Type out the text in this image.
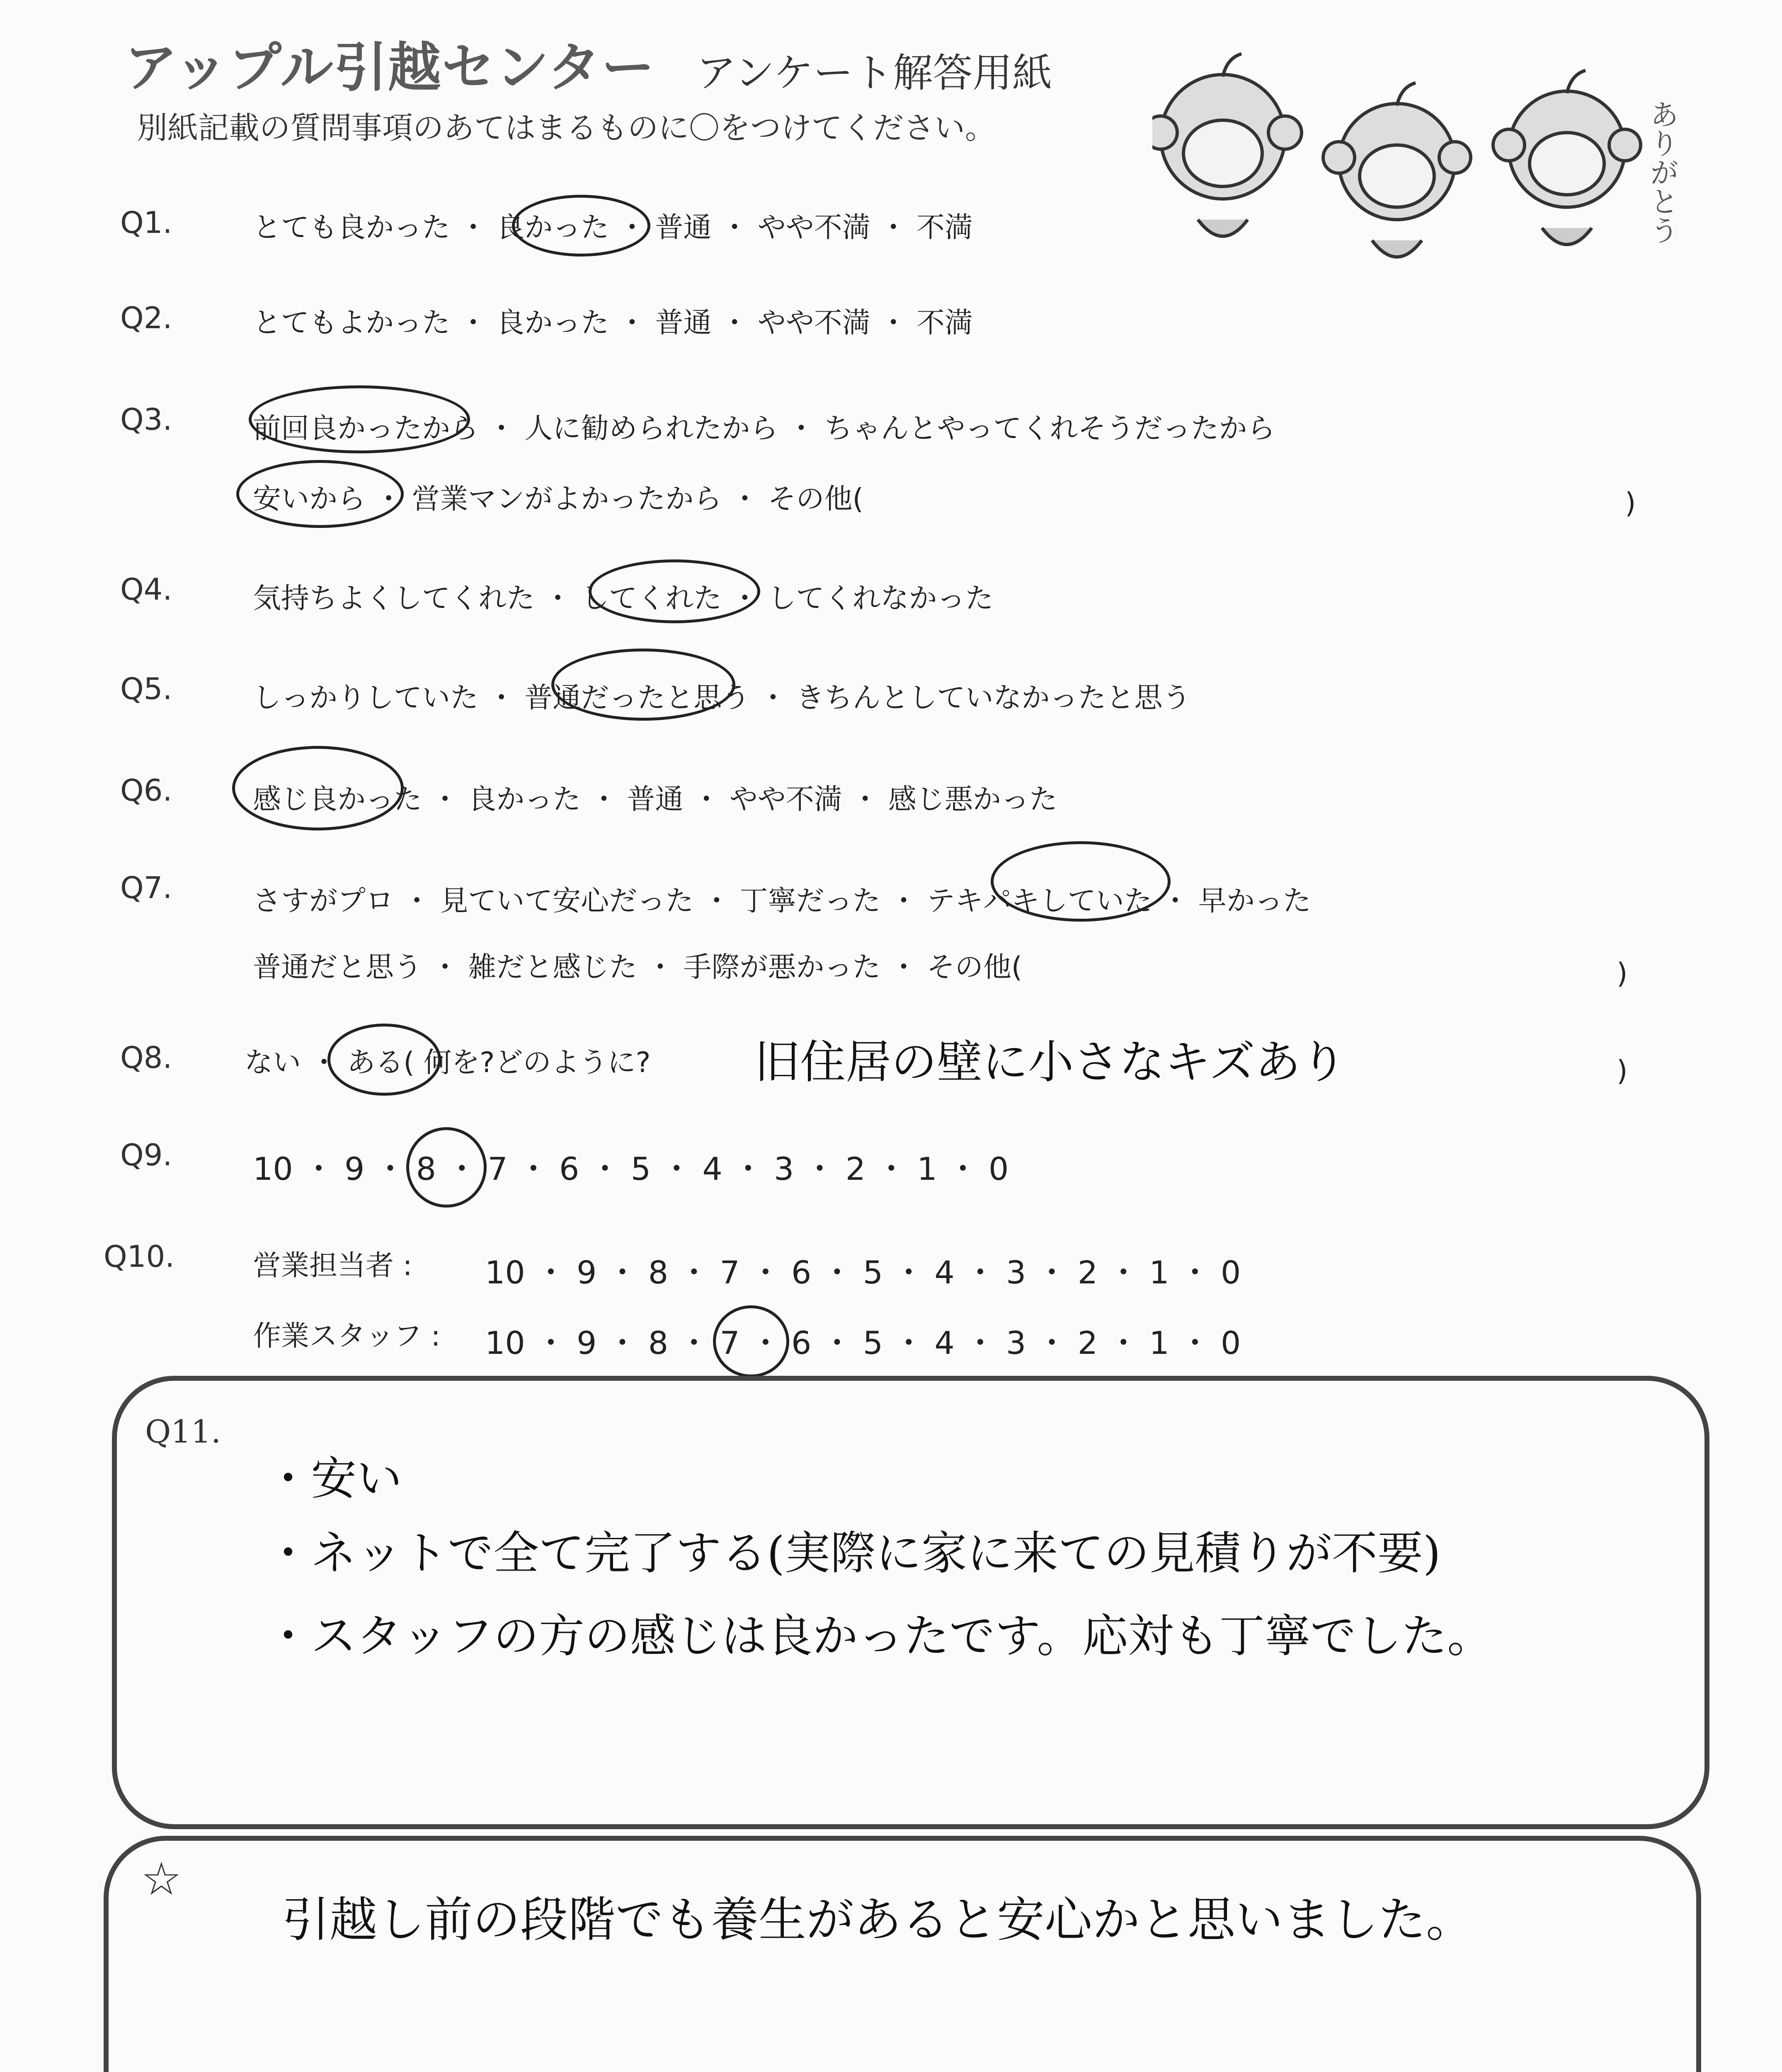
アップル引越センター アンケート解答用紙
別紙記載の質問事項のあてはまるものに〇をつけてください。	ありがとう
Q1.	とても良かった ・ 良かった ・ 普通 ・ やや不満 ・ 不満
Q2.	とてもよかった ・ 良かった ・ 普通 ・ やや不満 ・ 不満
Q3.	前回良かったから ・ 人に勧められたから ・ ちゃんとやってくれそうだったから
安いから ・ 営業マンがよかったから ・ その他(	)
Q4.	気持ちよくしてくれた ・ してくれた ・ してくれなかった
Q5.	しっかりしていた ・ 普通だったと思う ・ きちんとしていなかったと思う
Q6.	感じ良かった ・ 良かった ・ 普通 ・ やや不満 ・ 感じ悪かった
Q7.	さすがプロ ・ 見ていて安心だった ・ 丁寧だった ・ テキパキしていた ・ 早かった
普通だと思う ・ 雑だと感じた ・ 手際が悪かった ・ その他(	)
Q8.	ない ・ ある( 何を?どのように? 旧住居の壁に小さなキズあり	)
Q9.	10 ・ 9 ・ 8 ・ 7 ・ 6 ・ 5 ・ 4 ・ 3 ・ 2 ・ 1 ・ 0
Q10.	営業担当者 : 10 ・ 9 ・ 8 ・ 7 ・ 6 ・ 5 ・ 4 ・ 3 ・ 2 ・ 1 ・ 0
作業スタッフ : 10 ・ 9 ・ 8 ・ 7 ・ 6 ・ 5 ・ 4 ・ 3 ・ 2 ・ 1 ・ 0
Q11.
・安い
・ネットで全て完了する(実際に家に来ての見積りが不要)
・スタッフの方の感じは良かったです。応対も丁寧でした。
☆
引越し前の段階でも養生があると安心かと思いました。
